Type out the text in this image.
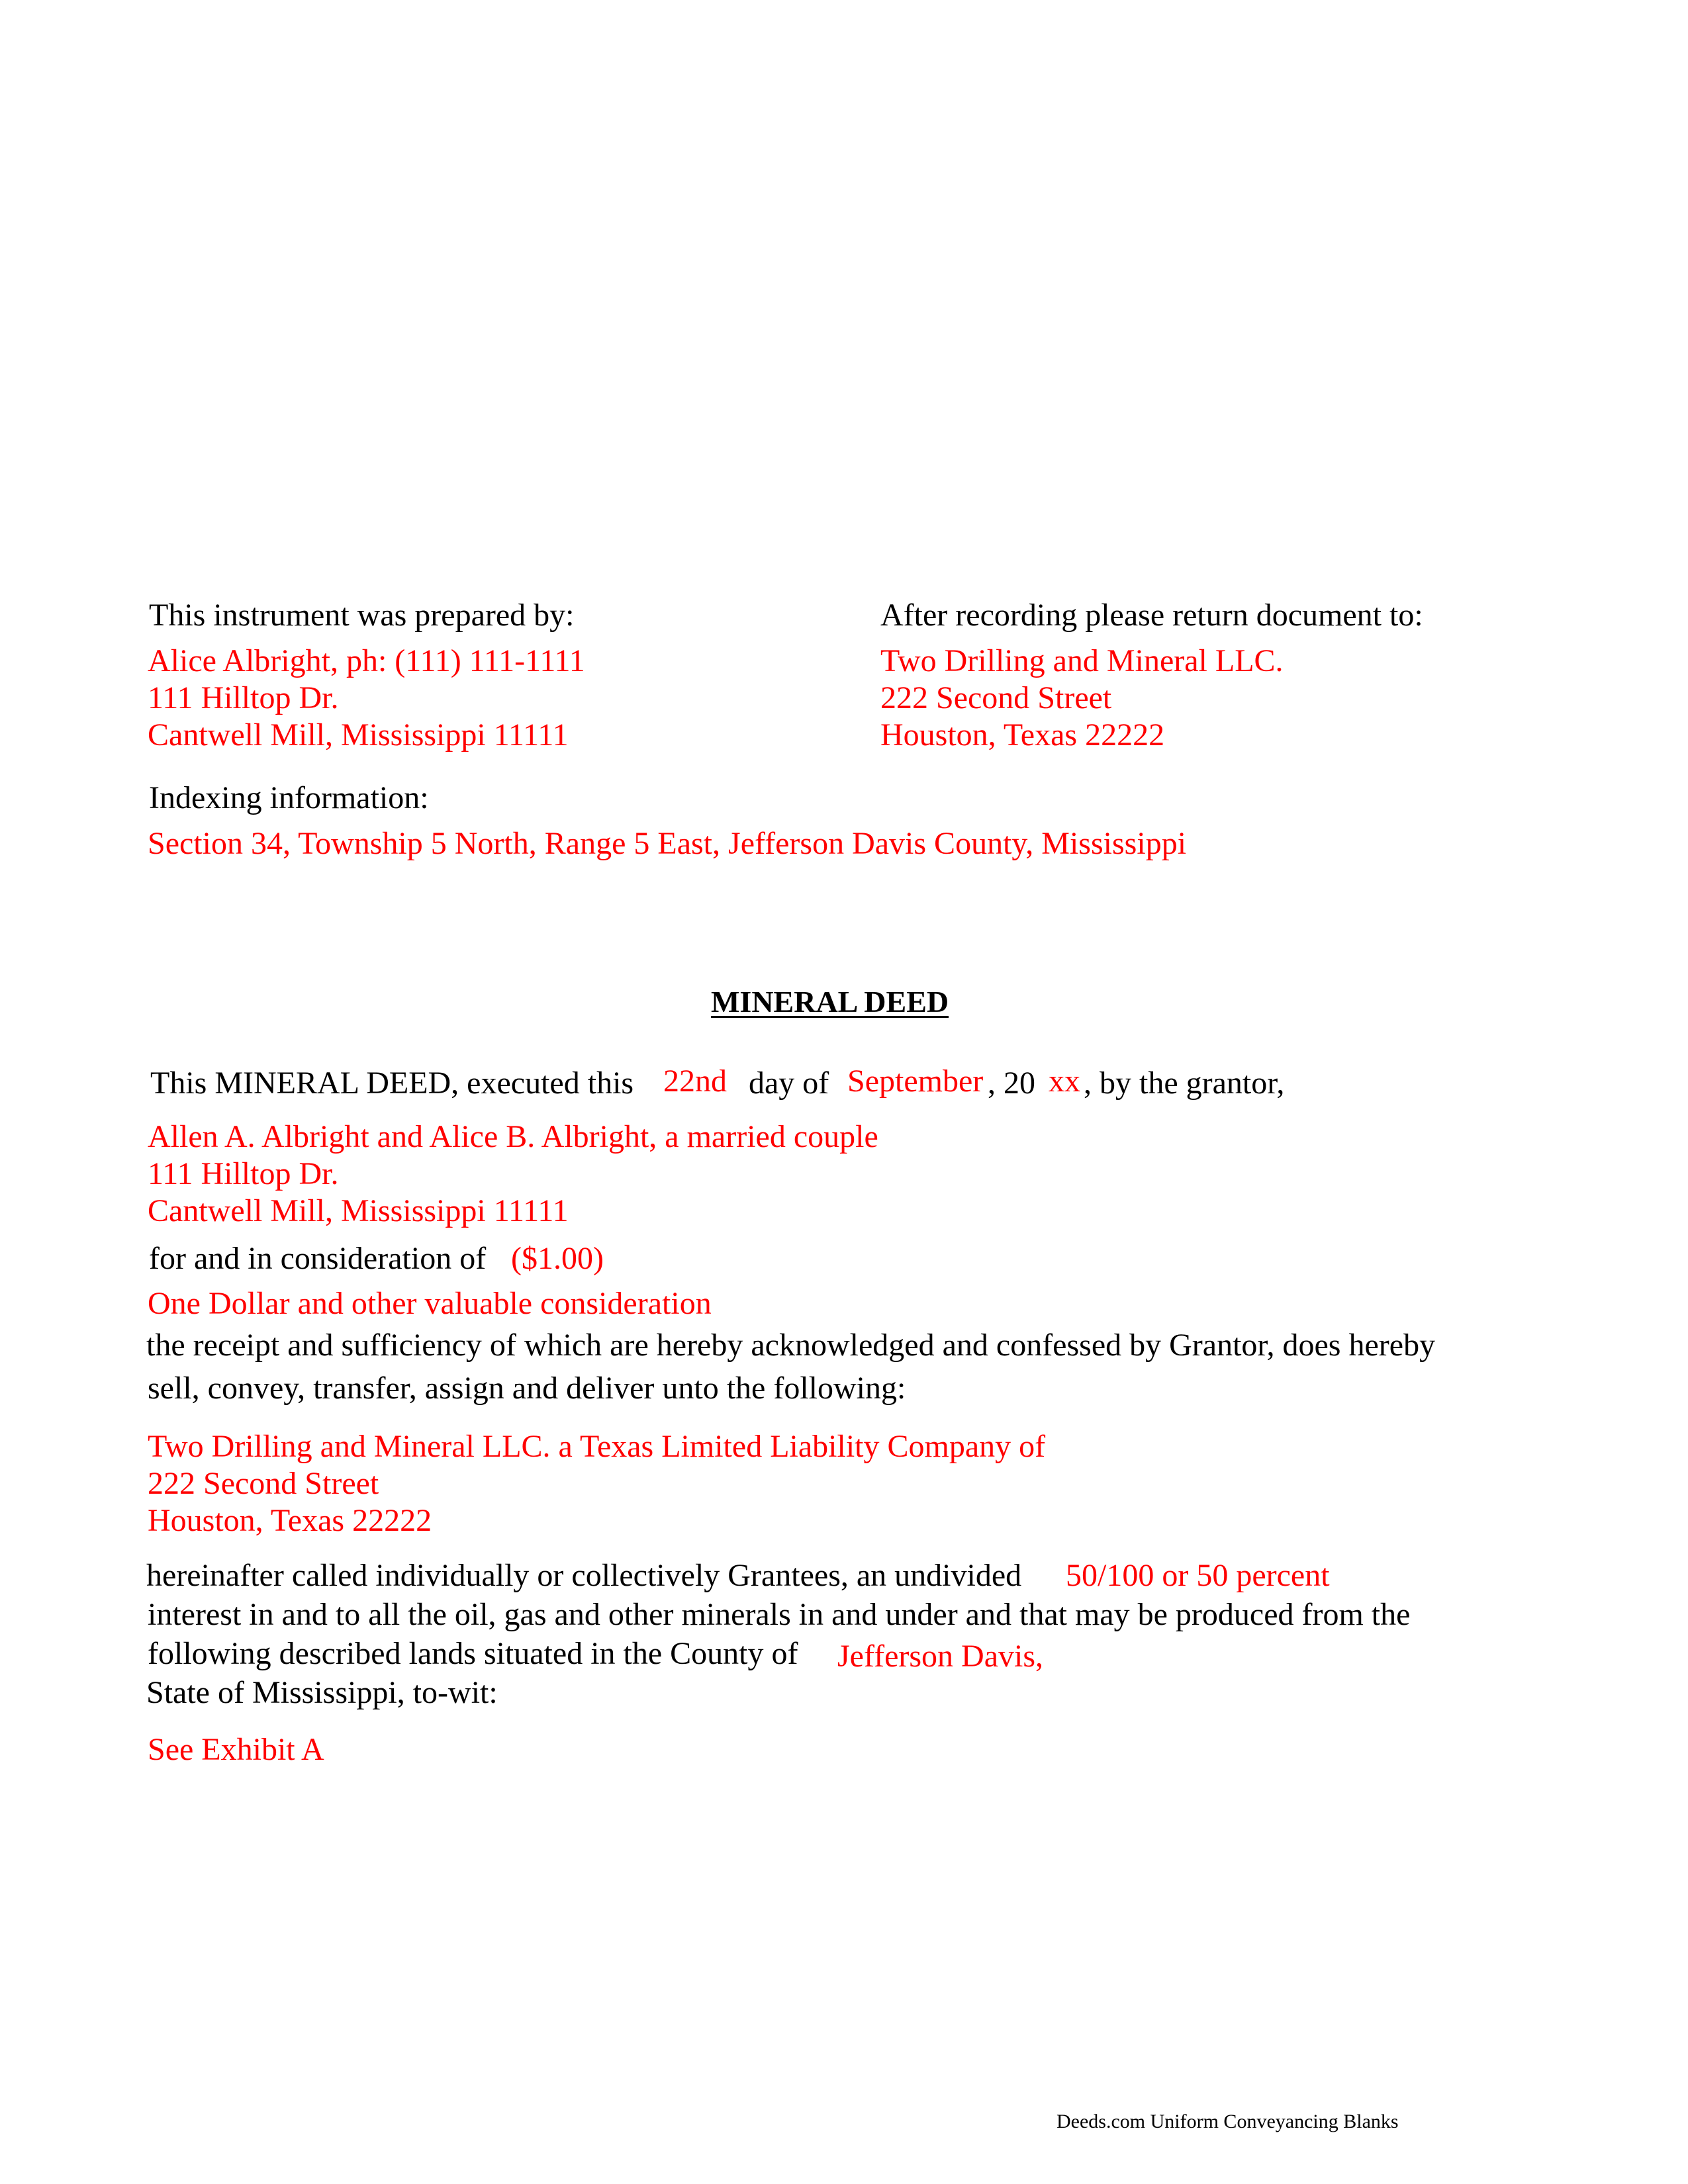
This instrument was prepared by:
Alice Albright, ph: (111) 111-1111
111 Hilltop Dr.
Cantwell Mill, Mississippi 11111
After recording please return document to:
Two Drilling and Mineral LLC.
222 Second Street
Houston, Texas 22222
Indexing information:
Section 34, Township 5 North, Range 5 East, Jefferson Davis County, Mississippi
MINERAL DEED
This MINERAL DEED, executed this 22nd day of September , 20 xx , by the grantor,
Allen A. Albright and Alice B. Albright, a married couple
111 Hilltop Dr.
Cantwell Mill, Mississippi 11111
for and in consideration of ($1.00)
One Dollar and other valuable consideration
the receipt and sufficiency of which are hereby acknowledged and confessed by Grantor, does hereby
sell, convey, transfer, assign and deliver unto the following:
Two Drilling and Mineral LLC. a Texas Limited Liability Company of
222 Second Street
Houston, Texas 22222
hereinafter called individually or collectively Grantees, an undivided 50/100 or 50 percent
interest in and to all the oil, gas and other minerals in and under and that may be produced from the
following described lands situated in the County of Jefferson Davis,
State of Mississippi, to-wit:
See Exhibit A
Deeds.com Uniform Conveyancing Blanks
